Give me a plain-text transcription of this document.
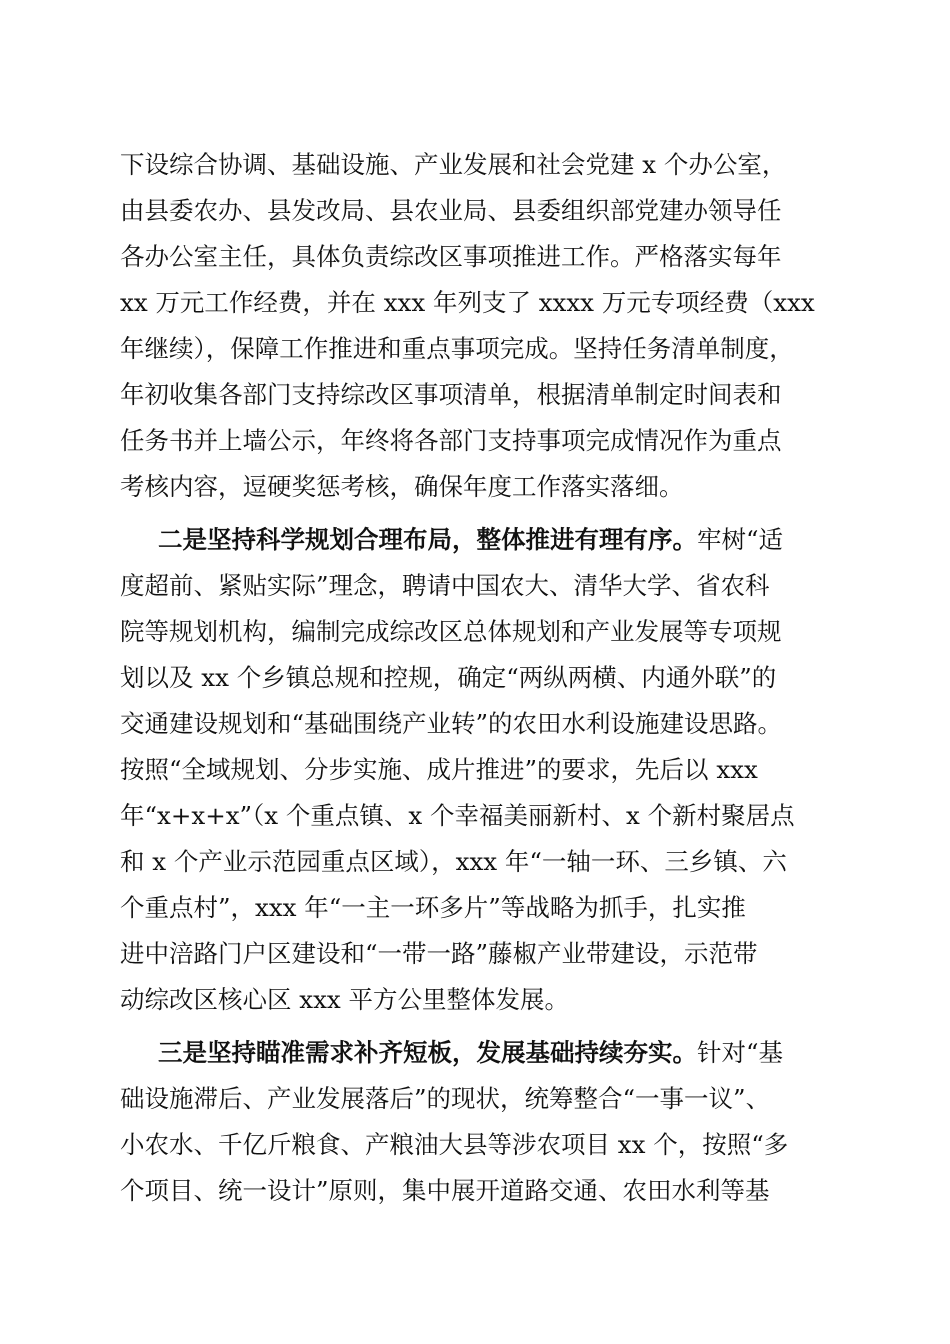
下设综合协调、基础设施、产业发展和社会党建 x 个办公室，
由县委农办、县发改局、县农业局、县委组织部党建办领导任
各办公室主任，具体负责综改区事项推进工作。严格落实每年
xx 万元工作经费，并在 xxx 年列支了 xxxx 万元专项经费（xxx
年继续），保障工作推进和重点事项完成。坚持任务清单制度，
年初收集各部门支持综改区事项清单，根据清单制定时间表和
任务书并上墙公示，年终将各部门支持事项完成情况作为重点
考核内容，逗硬奖惩考核，确保年度工作落实落细。
二是坚持科学规划合理布局，整体推进有理有序。牢树“适
度超前、紧贴实际”理念，聘请中国农大、清华大学、省农科
院等规划机构，编制完成综改区总体规划和产业发展等专项规
划以及 xx 个乡镇总规和控规，确定“两纵两横、内通外联”的
交通建设规划和“基础围绕产业转”的农田水利设施建设思路。
按照“全域规划、分步实施、成片推进”的要求，先后以 xxx
年“x+x+x”（x 个重点镇、x 个幸福美丽新村、x 个新村聚居点
和 x 个产业示范园重点区域），xxx 年“一轴一环、三乡镇、六
个重点村”，xxx 年“一主一环多片”等战略为抓手，扎实推
进中涪路门户区建设和“一带一路”藤椒产业带建设，示范带
动综改区核心区 xxx 平方公里整体发展。
三是坚持瞄准需求补齐短板，发展基础持续夯实。针对“基
础设施滞后、产业发展落后”的现状，统筹整合“一事一议”、
小农水、千亿斤粮食、产粮油大县等涉农项目 xx 个，按照“多
个项目、统一设计”原则，集中展开道路交通、农田水利等基
